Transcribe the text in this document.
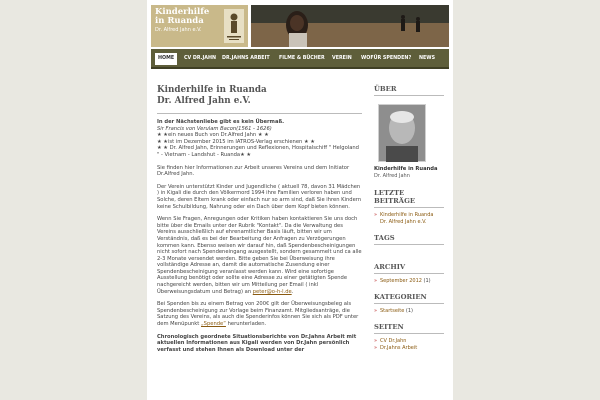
Kinderhilfe
in Ruanda
Dr. Alfred Jahn e.V.
HOME	CV DR.JAHN DR.JAHNS ARBEIT FILME & BÜCHER VEREIN WOFÜR SPENDEN? NEWS
Kinderhilfe in Ruanda
Dr. Alfred Jahn e.V.

In der Nächstenliebe gibt es kein Übermaß.
Sir Francis von Verulam Bacon(1561 - 1626)
★ ★ein neues Buch von Dr.Alfred Jahn ★ ★
★ ★ist im Dezember 2015 im IATROS-Verlag erschienen ★ ★
★ ★ Dr. Alfred Jahn, Erinnerungen und Reflexionen, Hospitalschiff " Helgoland " - Vietnam - Landshut - Ruanda★ ★

Sie finden hier Informationen zur Arbeit unseres Vereins und dem Initiator Dr.Alfred Jahn.

Der Verein unterstützt Kinder und Jugendliche ( aktuell 78, davon 31 Mädchen ) in Kigali die durch den Völkermord 1994 ihre Familien verloren haben und Solche, deren Eltern krank oder einfach nur so arm sind, daß Sie ihren Kindern keine Schulbildung, Nahrung oder ein Dach über dem Kopf bieten können.

Wenn Sie Fragen, Anregungen oder Kritiken haben kontaktieren Sie uns doch bitte über die Emails unter der Rubrik "Kontakt". Da die Verwaltung des Vereins ausschließlich auf ehrenamtlicher Basis läuft, bitten wir um Verständnis, daß es bei der Bearbeitung der Anfragen zu Verzögerungen kommen kann. Ebenso weisen wir darauf hin, daß Spendenbescheinigungen nicht sofort nach Spendeneingang ausgestellt, sondern gesammelt und ca alle 2-3 Monate versendet werden. Bitte geben Sie bei Überweisung ihre vollständige Adresse an, damit die automatische Zusendung einer Spendenbescheinigung veranlasst werden kann. Wird eine sofortige Ausstellung benötigt oder sollte eine Adresse zu einer getätigten Spende nachgereicht werden, bitten wir um Mitteilung per Email ( inkl Überweisungsdatum und Betrag) an peter@o-h-l.de.

Bei Spenden bis zu einem Betrag von 200€ gilt der Überweisungsbeleg als Spendenbescheinigung zur Vorlage beim Finanzamt. Mitgliedsanträge, die Satzung des Vereins, als auch die Spenderinfos können Sie sich als PDF unter dem Menüpunkt „Spende“ herunterladen.

Chronologisch geordnete Situationsberichte von Dr.Jahns Arbeit mit aktuellen Informationen aus Kigali werden von Dr.Jahn persönlich verfasst und stehen Ihnen als Download unter der

ÜBER
Kinderhilfe in Ruanda
Dr. Alfred Jahn
LETZTE
BEITRÄGE
» Kinderhilfe in Ruanda
Dr. Alfred Jahn e.V.
TAGS
ARCHIV
» September 2012 (1)
KATEGORIEN
» Startseite (1)
SEITEN
» CV Dr.Jahn
» Dr.Jahns Arbeit
